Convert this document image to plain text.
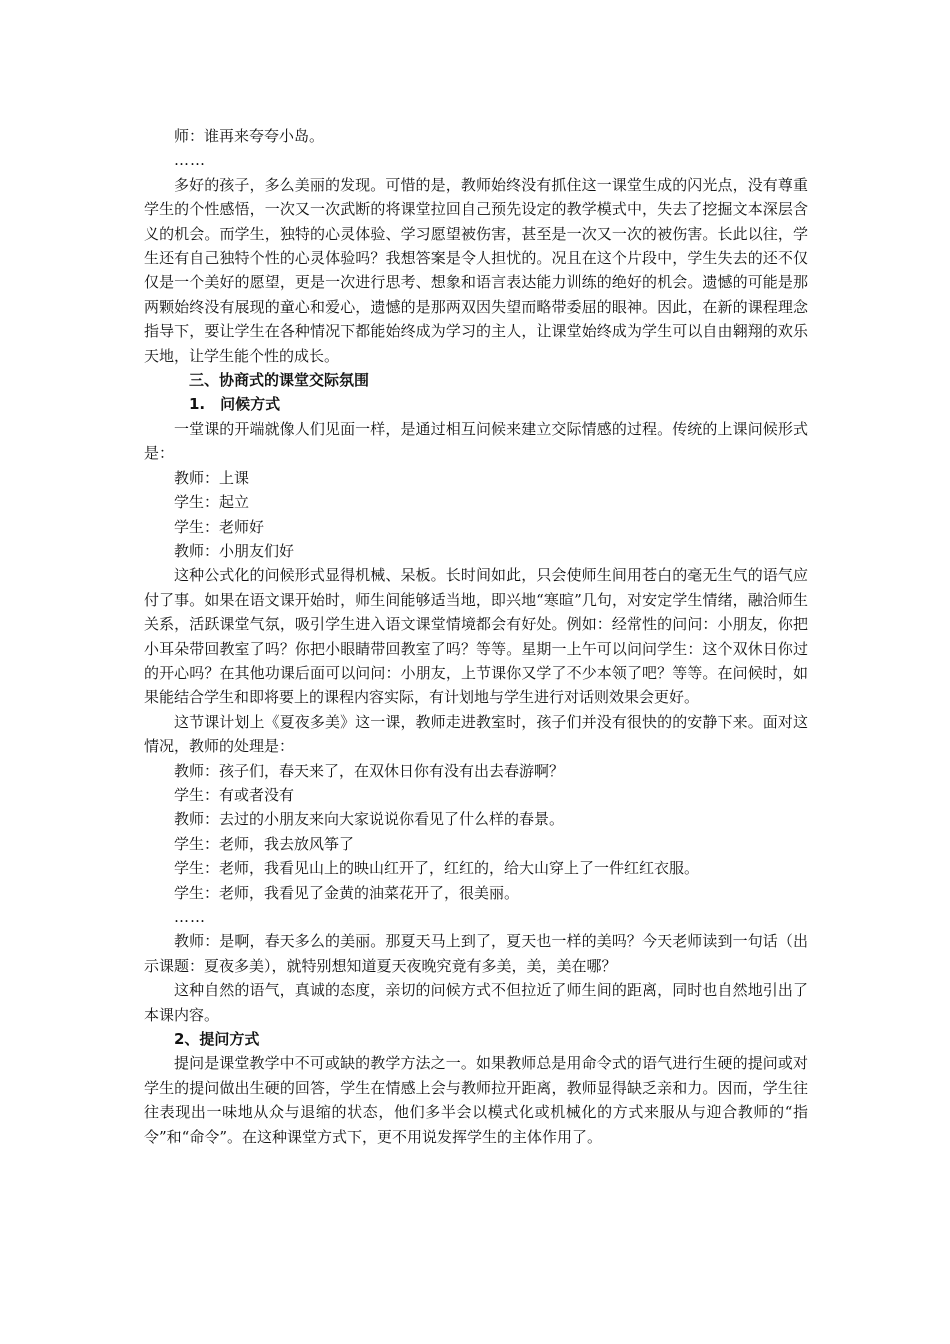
师：谁再来夸夸小岛。

……

多好的孩子，多么美丽的发现。可惜的是，教师始终没有抓住这一课堂生成的闪光点，没有尊重学生的个性感悟，一次又一次武断的将课堂拉回自己预先设定的教学模式中，失去了挖掘文本深层含义的机会。而学生，独特的心灵体验、学习愿望被伤害，甚至是一次又一次的被伤害。长此以往，学生还有自己独特个性的心灵体验吗？我想答案是令人担忧的。况且在这个片段中，学生失去的还不仅仅是一个美好的愿望，更是一次进行思考、想象和语言表达能力训练的绝好的机会。遗憾的可能是那两颗始终没有展现的童心和爱心，遗憾的是那两双因失望而略带委屈的眼神。因此，在新的课程理念指导下，要让学生在各种情况下都能始终成为学习的主人，让课堂始终成为学生可以自由翱翔的欢乐天地，让学生能个性的成长。

三、协商式的课堂交际氛围

1.　问候方式

一堂课的开端就像人们见面一样，是通过相互问候来建立交际情感的过程。传统的上课问候形式是：

教师：上课

学生：起立

学生：老师好

教师：小朋友们好

这种公式化的问候形式显得机械、呆板。长时间如此，只会使师生间用苍白的毫无生气的语气应付了事。如果在语文课开始时，师生间能够适当地，即兴地“寒暄”几句，对安定学生情绪，融洽师生关系，活跃课堂气氛，吸引学生进入语文课堂情境都会有好处。例如：经常性的问问：小朋友，你把小耳朵带回教室了吗？你把小眼睛带回教室了吗？等等。星期一上午可以问问学生：这个双休日你过的开心吗？在其他功课后面可以问问：小朋友，上节课你又学了不少本领了吧？等等。在问候时，如果能结合学生和即将要上的课程内容实际，有计划地与学生进行对话则效果会更好。

这节课计划上《夏夜多美》这一课，教师走进教室时，孩子们并没有很快的的安静下来。面对这情况，教师的处理是：

教师：孩子们，春天来了，在双休日你有没有出去春游啊？

学生：有或者没有

教师：去过的小朋友来向大家说说你看见了什么样的春景。

学生：老师，我去放风筝了

学生：老师，我看见山上的映山红开了，红红的，给大山穿上了一件红红衣服。

学生：老师，我看见了金黄的油菜花开了，很美丽。

……

教师：是啊，春天多么的美丽。那夏天马上到了，夏天也一样的美吗？今天老师读到一句话（出示课题：夏夜多美），就特别想知道夏天夜晚究竟有多美，美，美在哪？

这种自然的语气，真诚的态度，亲切的问候方式不但拉近了师生间的距离，同时也自然地引出了本课内容。

2、提问方式

提问是课堂教学中不可或缺的教学方法之一。如果教师总是用命令式的语气进行生硬的提问或对学生的提问做出生硬的回答，学生在情感上会与教师拉开距离，教师显得缺乏亲和力。因而，学生往往表现出一味地从众与退缩的状态，他们多半会以模式化或机械化的方式来服从与迎合教师的“指令”和“命令”。在这种课堂方式下，更不用说发挥学生的主体作用了。
